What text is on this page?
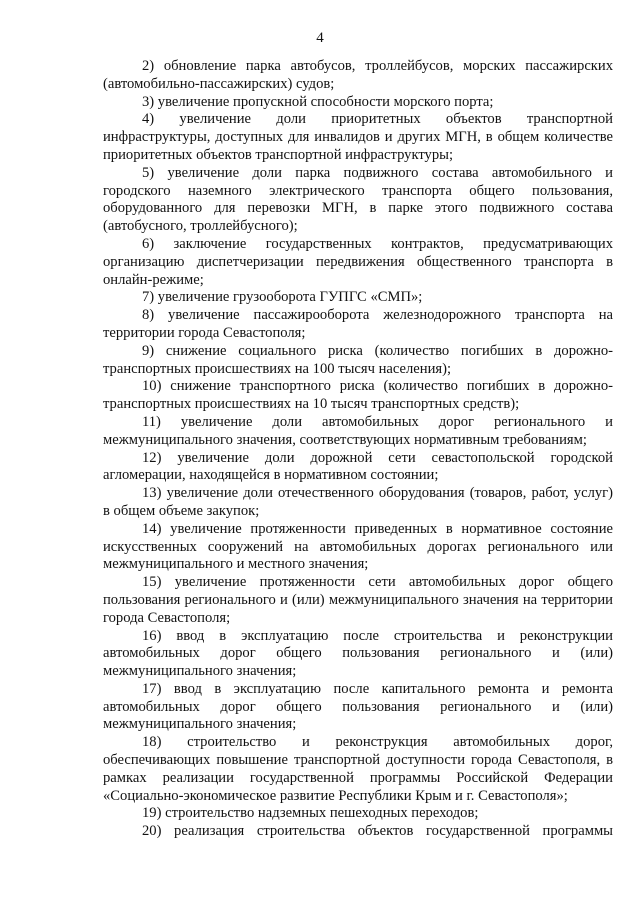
4

2) обновление парка автобусов, троллейбусов, морских пассажирских (автомобильно-пассажирских) судов;

3) увеличение пропускной способности морского порта;

4) увеличение доли приоритетных объектов транспортной инфраструктуры, доступных для инвалидов и других МГН, в общем количестве приоритетных объектов транспортной инфраструктуры;

5) увеличение доли парка подвижного состава автомобильного и городского наземного электрического транспорта общего пользования, оборудованного для перевозки МГН, в парке этого подвижного состава (автобусного, троллейбусного);

6) заключение государственных контрактов, предусматривающих организацию диспетчеризации передвижения общественного транспорта в онлайн-режиме;

7) увеличение грузооборота ГУПГС «СМП»;

8) увеличение пассажирооборота железнодорожного транспорта на территории города Севастополя;

9) снижение социального риска (количество погибших в дорожно-транспортных происшествиях на 100 тысяч населения);

10) снижение транспортного риска (количество погибших в дорожно-транспортных происшествиях на 10 тысяч транспортных средств);

11) увеличение доли автомобильных дорог регионального и межмуниципального значения, соответствующих нормативным требованиям;

12) увеличение доли дорожной сети севастопольской городской агломерации, находящейся в нормативном состоянии;

13) увеличение доли отечественного оборудования (товаров, работ, услуг) в общем объеме закупок;

14) увеличение протяженности приведенных в нормативное состояние искусственных сооружений на автомобильных дорогах регионального или межмуниципального и местного значения;

15) увеличение протяженности сети автомобильных дорог общего пользования регионального и (или) межмуниципального значения на территории города Севастополя;

16) ввод в эксплуатацию после строительства и реконструкции автомобильных дорог общего пользования регионального и (или) межмуниципального значения;

17) ввод в эксплуатацию после капитального ремонта и ремонта автомобильных дорог общего пользования регионального и (или) межмуниципального значения;

18) строительство и реконструкция автомобильных дорог, обеспечивающих повышение транспортной доступности города Севастополя, в рамках реализации государственной программы Российской Федерации «Социально-экономическое развитие Республики Крым и г. Севастополя»;

19) строительство надземных пешеходных переходов;

20) реализация строительства объектов государственной программы
